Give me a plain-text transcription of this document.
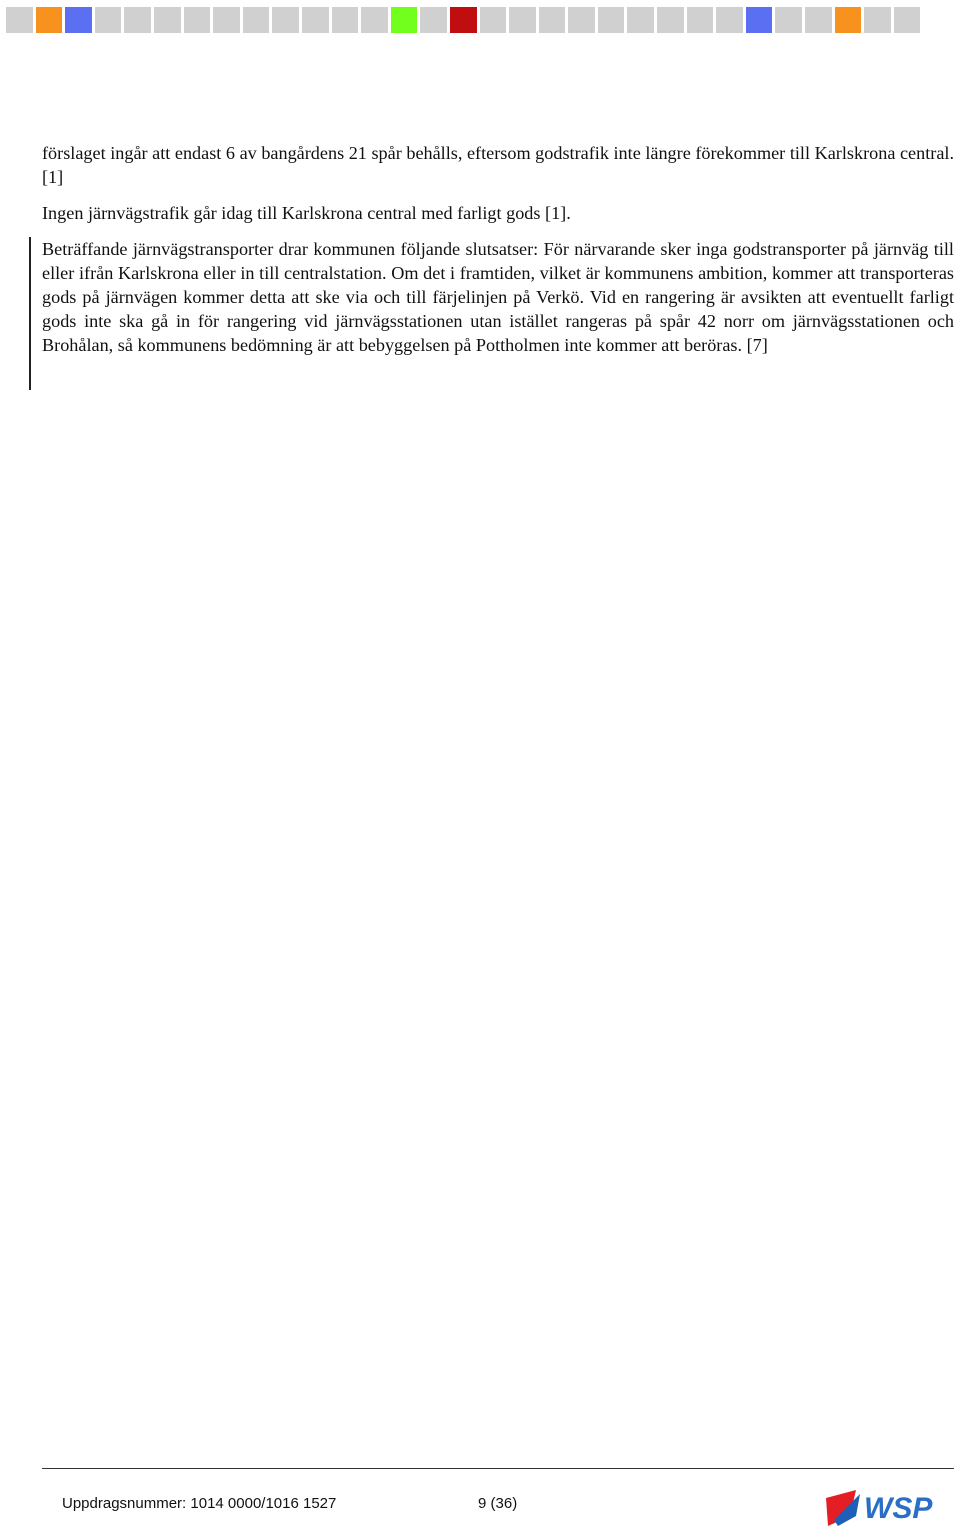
förslaget ingår att endast 6 av bangårdens 21 spår behålls, eftersom godstrafik inte längre förekommer till Karlskrona central. [1]

Ingen järnvägstrafik går idag till Karlskrona central med farligt gods [1].

Beträffande järnvägstransporter drar kommunen följande slutsatser: För närvarande sker inga godstransporter på järnväg till eller ifrån Karlskrona eller in till centralstation. Om det i framtiden, vilket är kommunens ambition, kommer att transporteras gods på järnvägen kommer detta att ske via och till färjelinjen på Verkö. Vid en rangering är avsikten att eventuellt farligt gods inte ska gå in för rangering vid järnvägsstationen utan istället rangeras på spår 42 norr om järnvägsstationen och Brohålan, så kommunens bedömning är att bebyggelsen på Pottholmen inte kommer att beröras. [7]

Uppdragsnummer: 1014 0000/1016 1527	9 (36)	WSP
